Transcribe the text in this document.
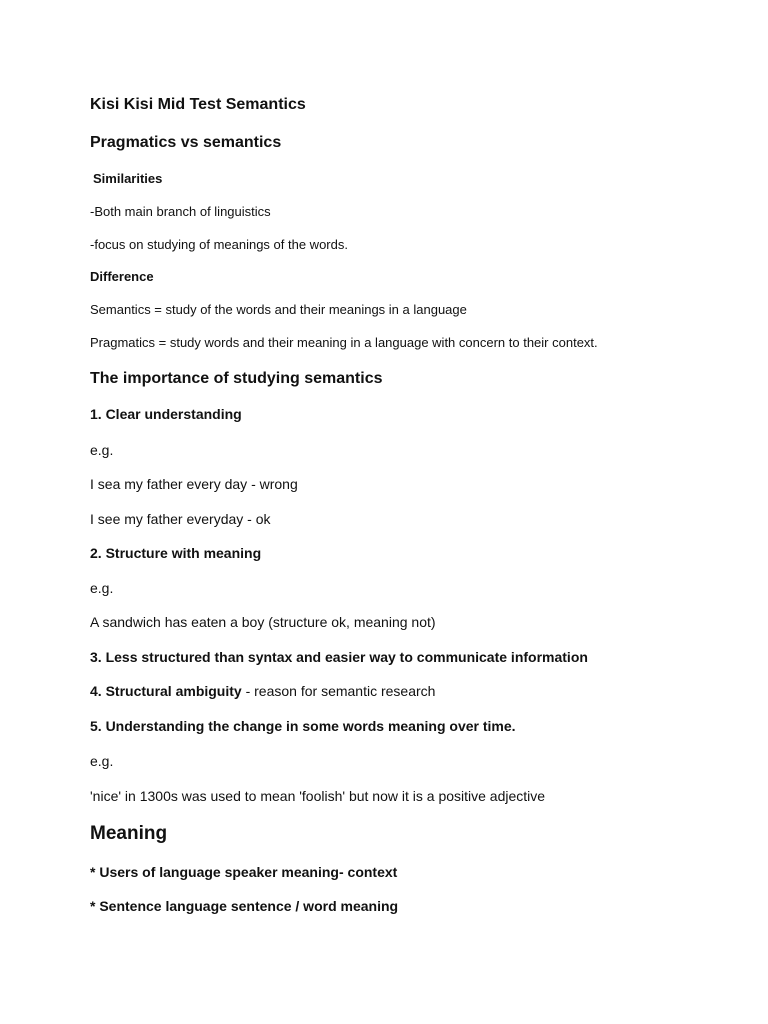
Kisi Kisi Mid Test Semantics
Pragmatics vs semantics
Similarities
-Both main branch of linguistics
-focus on studying of meanings of the words.
Difference
Semantics = study of the words and their meanings in a language
Pragmatics = study words and their meaning in a language with concern to their context.
The importance of studying semantics
1. Clear understanding
e.g.
I sea my father every day - wrong
I see my father everyday - ok
2. Structure with meaning
e.g.
A sandwich has eaten a boy (structure ok, meaning not)
3. Less structured than syntax and easier way to communicate information
4. Structural ambiguity - reason for semantic research
5. Understanding the change in some words meaning over time.
e.g.
'nice' in 1300s was used to mean 'foolish' but now it is a positive adjective
Meaning
* Users of language speaker meaning- context
* Sentence language sentence / word meaning
